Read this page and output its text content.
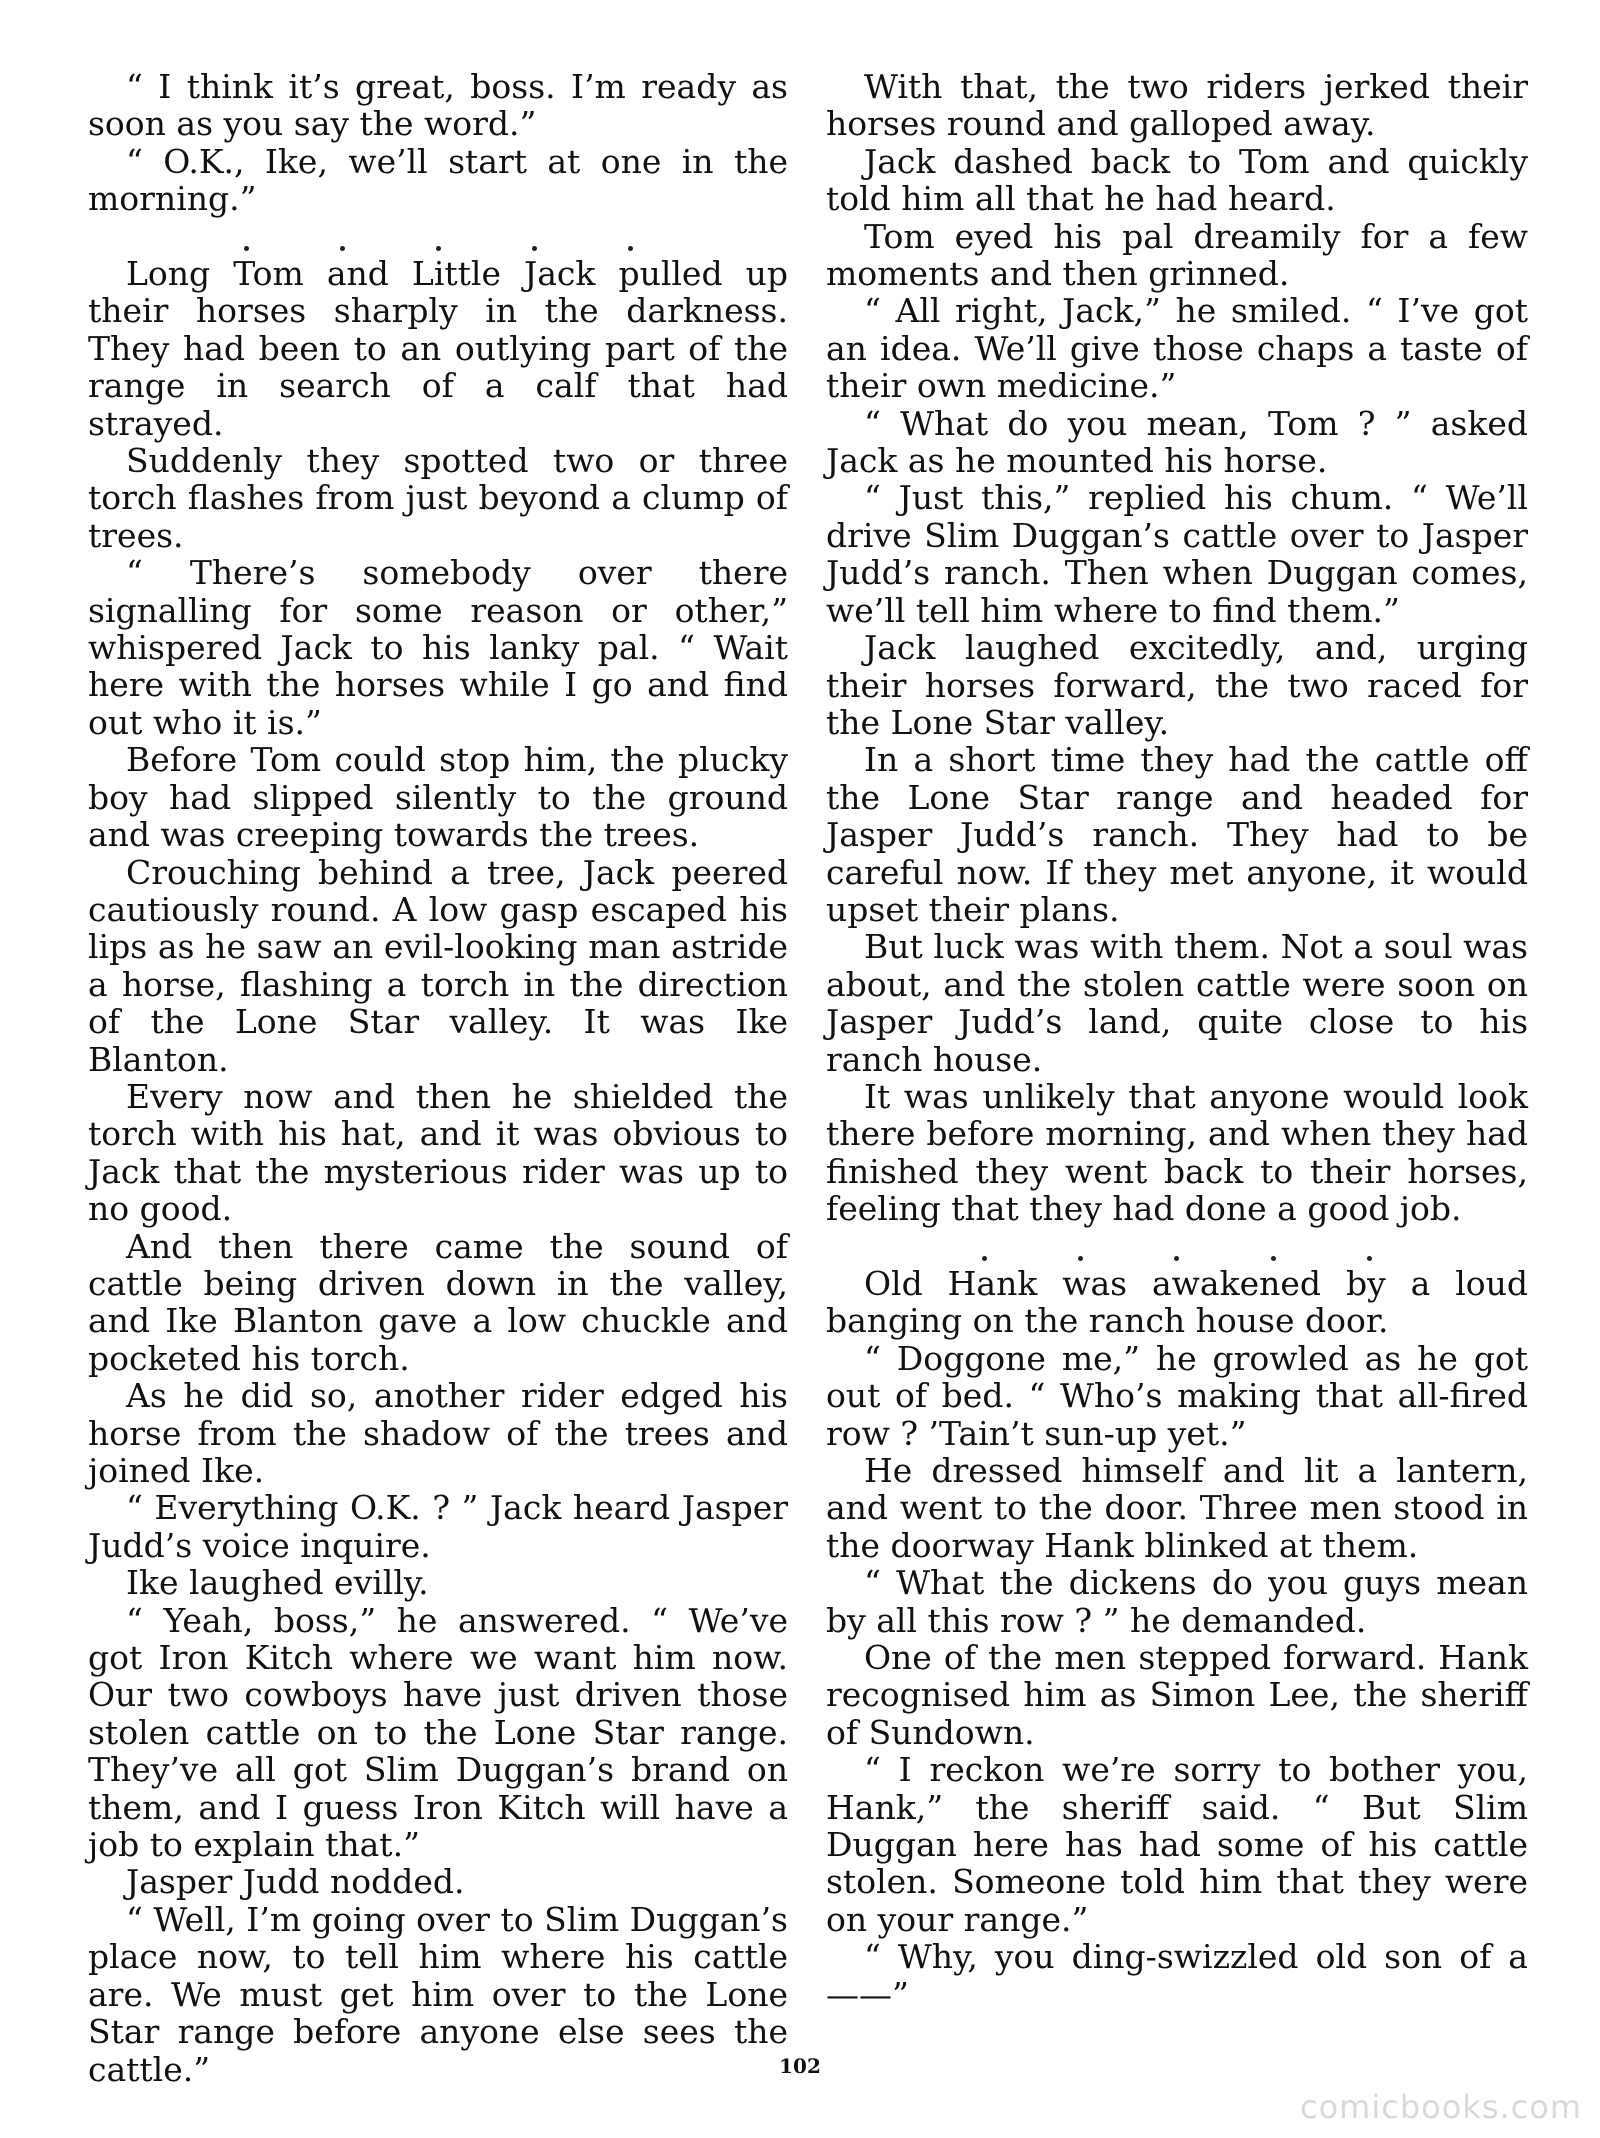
“ I think it’s great, boss. I’m ready as soon as you say the word.”

“ O.K., Ike, we’ll start at one in the morning.”

Long Tom and Little Jack pulled up their horses sharply in the darkness. They had been to an outlying part of the range in search of a calf that had strayed.

Suddenly they spotted two or three torch flashes from just beyond a clump of trees.

“ There’s somebody over there signalling for some reason or other,” whispered Jack to his lanky pal. “ Wait here with the horses while I go and find out who it is.”

Before Tom could stop him, the plucky boy had slipped silently to the ground and was creeping towards the trees.

Crouching behind a tree, Jack peered cautiously round. A low gasp escaped his lips as he saw an evil-looking man astride a horse, flashing a torch in the direction of the Lone Star valley. It was Ike Blanton.

Every now and then he shielded the torch with his hat, and it was obvious to Jack that the mysterious rider was up to no good.

And then there came the sound of cattle being driven down in the valley, and Ike Blanton gave a low chuckle and pocketed his torch.

As he did so, another rider edged his horse from the shadow of the trees and joined Ike.

“ Everything O.K. ? ” Jack heard Jasper Judd’s voice inquire.

Ike laughed evilly.

“ Yeah, boss,” he answered. “ We’ve got Iron Kitch where we want him now. Our two cowboys have just driven those stolen cattle on to the Lone Star range. They’ve all got Slim Duggan’s brand on them, and I guess Iron Kitch will have a job to explain that.”

Jasper Judd nodded.

“ Well, I’m going over to Slim Duggan’s place now, to tell him where his cattle are. We must get him over to the Lone Star range before anyone else sees the cattle.”

With that, the two riders jerked their horses round and galloped away.

Jack dashed back to Tom and quickly told him all that he had heard.

Tom eyed his pal dreamily for a few moments and then grinned.

“ All right, Jack,” he smiled. “ I’ve got an idea. We’ll give those chaps a taste of their own medicine.”

“ What do you mean, Tom ? ” asked Jack as he mounted his horse.

“ Just this,” replied his chum. “ We’ll drive Slim Duggan’s cattle over to Jasper Judd’s ranch. Then when Duggan comes, we’ll tell him where to find them.”

Jack laughed excitedly, and, urging their horses forward, the two raced for the Lone Star valley.

In a short time they had the cattle off the Lone Star range and headed for Jasper Judd’s ranch. They had to be careful now. If they met anyone, it would upset their plans.

But luck was with them. Not a soul was about, and the stolen cattle were soon on Jasper Judd’s land, quite close to his ranch house.

It was unlikely that anyone would look there before morning, and when they had finished they went back to their horses, feeling that they had done a good job.

Old Hank was awakened by a loud banging on the ranch house door.

“ Doggone me,” he growled as he got out of bed. “ Who’s making that all-fired row ? ’Tain’t sun-up yet.”

He dressed himself and lit a lantern, and went to the door. Three men stood in the doorway Hank blinked at them.

“ What the dickens do you guys mean by all this row ? ” he demanded.

One of the men stepped forward. Hank recognised him as Simon Lee, the sheriff of Sundown.

“ I reckon we’re sorry to bother you, Hank,” the sheriff said. “ But Slim Duggan here has had some of his cattle stolen. Someone told him that they were on your range.”

“ Why, you ding-swizzled old son of a ——”

102
comicbooks.com
